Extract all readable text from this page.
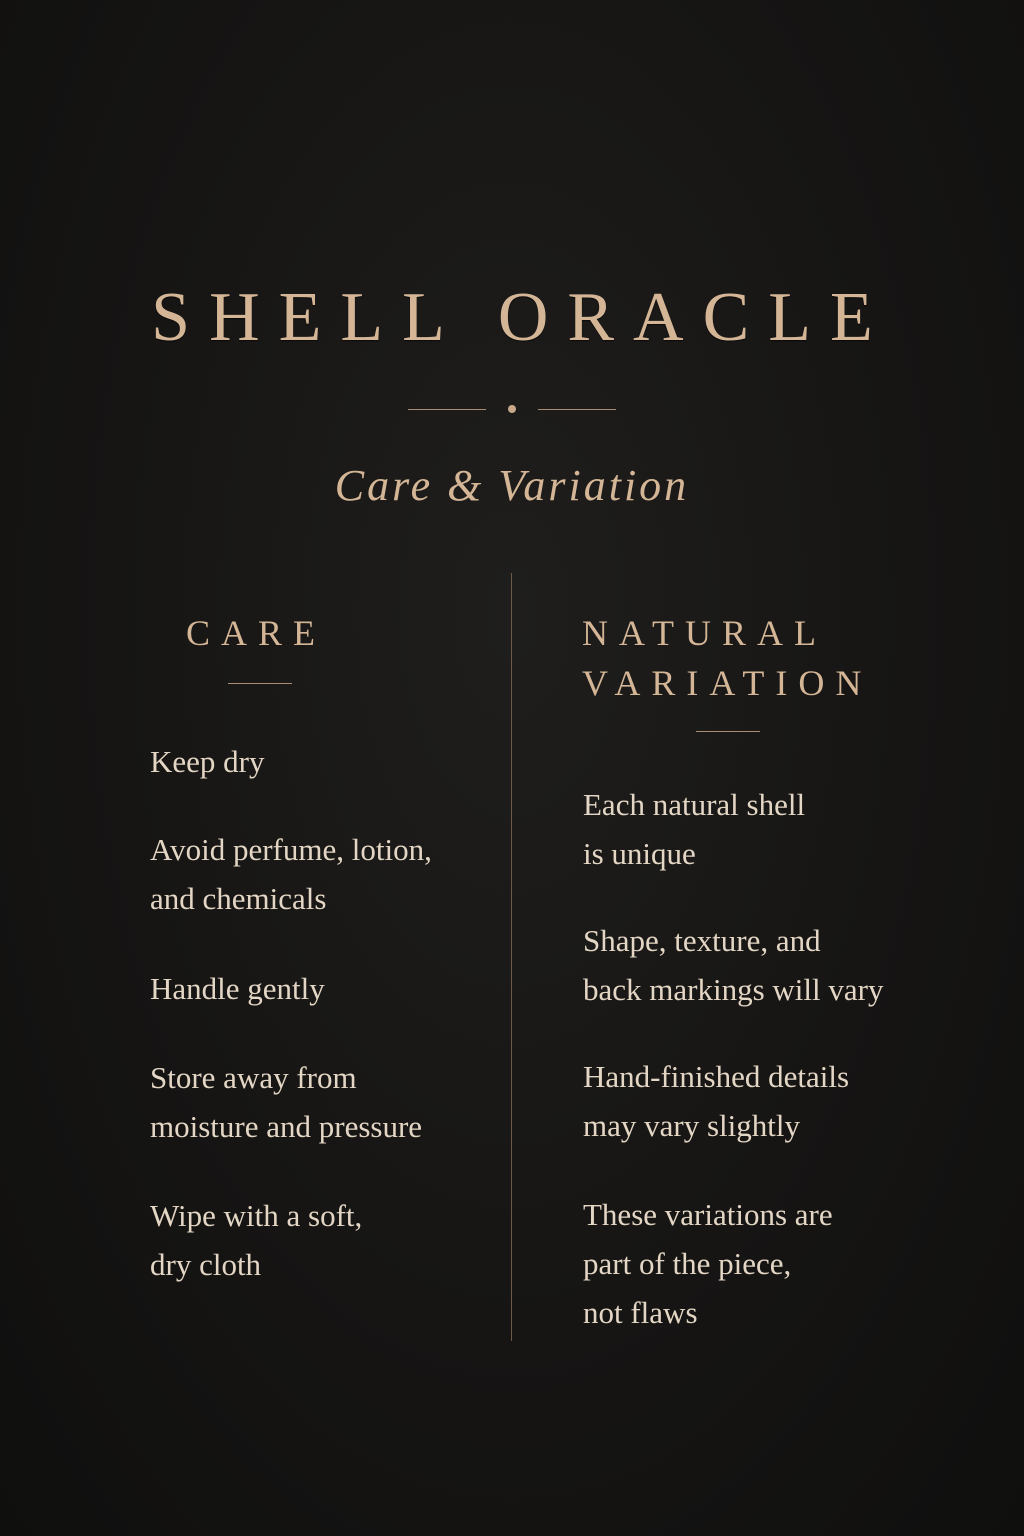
SHELL ORACLE
Care & Variation
CARE
Keep dry
Avoid perfume, lotion,
and chemicals
Handle gently
Store away from
moisture and pressure
Wipe with a soft,
dry cloth
NATURAL
VARIATION
Each natural shell
is unique
Shape, texture, and
back markings will vary
Hand-finished details
may vary slightly
These variations are
part of the piece,
not flaws
